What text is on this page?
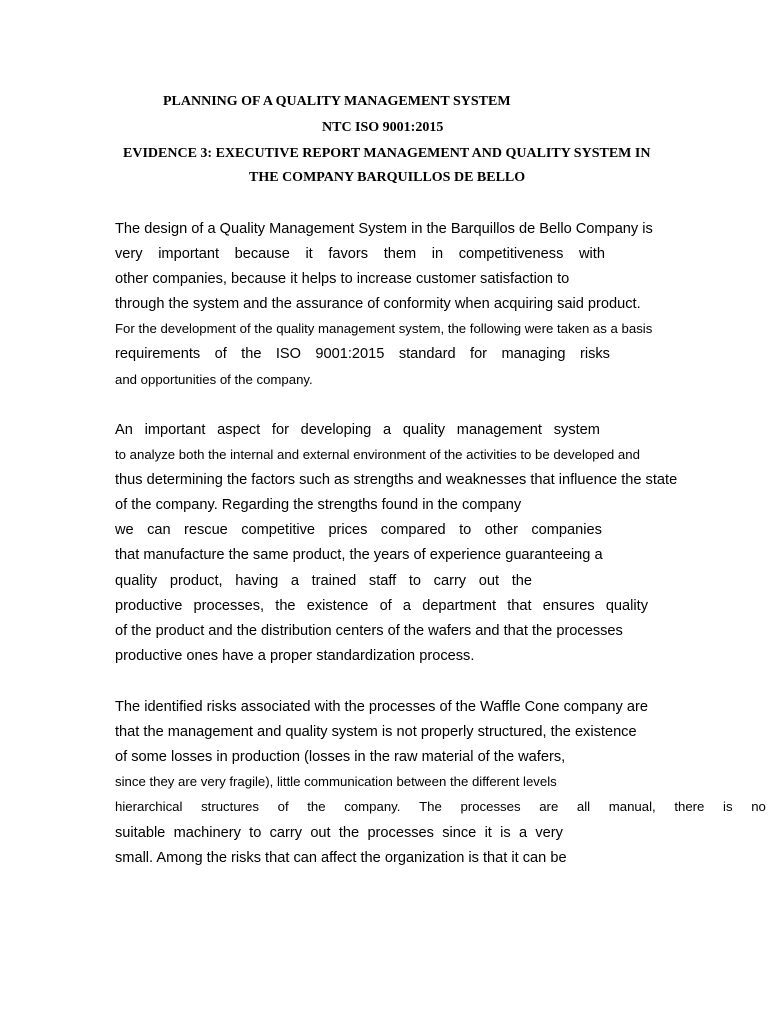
PLANNING OF A QUALITY MANAGEMENT SYSTEM
NTC ISO 9001:2015
EVIDENCE 3: EXECUTIVE REPORT MANAGEMENT AND QUALITY SYSTEM IN
THE COMPANY BARQUILLOS DE BELLO
The design of a Quality Management System in the Barquillos de Bello Company is
very important because it favors them in competitiveness with
other companies, because it helps to increase customer satisfaction to
through the system and the assurance of conformity when acquiring said product.
For the development of the quality management system, the following were taken as a basis
requirements of the ISO 9001:2015 standard for managing risks
and opportunities of the company.
An important aspect for developing a quality management system
to analyze both the internal and external environment of the activities to be developed and
thus determining the factors such as strengths and weaknesses that influence the state
of the company. Regarding the strengths found in the company
we can rescue competitive prices compared to other companies
that manufacture the same product, the years of experience guaranteeing a
quality product, having a trained staff to carry out the
productive processes, the existence of a department that ensures quality
of the product and the distribution centers of the wafers and that the processes
productive ones have a proper standardization process.
The identified risks associated with the processes of the Waffle Cone company are
that the management and quality system is not properly structured, the existence
of some losses in production (losses in the raw material of the wafers,
since they are very fragile), little communication between the different levels
hierarchical structures of the company. The processes are all manual, there is no
suitable machinery to carry out the processes since it is a very
small. Among the risks that can affect the organization is that it can be
